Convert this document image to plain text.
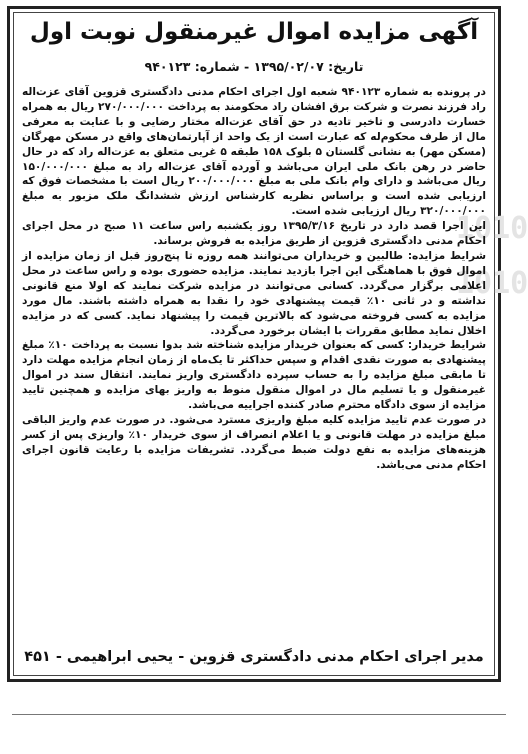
1010
1010
آگهی مزایده اموال غیرمنقول نوبت اول
تاریخ: ۱۳۹۵/۰۲/۰۷ - شماره: ۹۴۰۱۲۳

در پرونده به شماره ۹۴۰۱۲۳ شعبه اول اجرای احکام مدنی دادگستری قزوین آقای عزت‌اله راد فرزند نصرت و شرکت برق افشان راد محکومند به پرداخت ۲۷۰/۰۰۰/۰۰۰ ریال به همراه خسارت دادرسی و تاخیر تادیه در حق آقای عزت‌اله مختار رضایی و با عنایت به معرفی مال از طرف محکوم‌له که عبارت است از یک واحد از آپارتمان‌های واقع در مسکن مهرگان (مسکن مهر) به نشانی گلستان ۵ بلوک ۱۵۸ طبقه ۵ غربی متعلق به عزت‌اله راد که در حال حاضر در رهن بانک ملی ایران می‌باشد و آورده آقای عزت‌اله راد به مبلغ ۱۵۰/۰۰۰/۰۰۰ ریال می‌باشد و دارای وام بانک ملی به مبلغ ۲۰۰/۰۰۰/۰۰۰ ریال است با مشخصات فوق که ارزیابی شده است و براساس نظریه کارشناس ارزش ششدانگ ملک مزبور به مبلغ ۳۲۰/۰۰۰/۰۰۰ ریال ارزیابی شده است.

این اجرا قصد دارد در تاریخ ۱۳۹۵/۳/۱۶ روز یکشنبه راس ساعت ۱۱ صبح در محل اجرای احکام مدنی دادگستری قزوین از طریق مزایده به فروش برساند.

شرایط مزایده: طالبین و خریداران می‌توانند همه روزه تا پنج‌روز قبل از زمان مزایده از اموال فوق با هماهنگی این اجرا بازدید نمایند. مزایده حضوری بوده و راس ساعت در محل اعلامی برگزار می‌گردد. کسانی می‌توانند در مزایده شرکت نمایند که اولا منع قانونی نداشته و در ثانی ۱۰٪ قیمت پیشنهادی خود را نقدا به همراه داشته باشند. مال مورد مزایده به کسی فروخته می‌شود که بالاترین قیمت را پیشنهاد نماید. کسی که در مزایده اخلال نماید مطابق مقررات با ایشان برخورد می‌گردد.

شرایط خریدار: کسی که بعنوان خریدار مزایده شناخته شد بدوا نسبت به پرداخت ۱۰٪ مبلغ پیشنهادی به صورت نقدی اقدام و سپس حداکثر تا یک‌ماه از زمان انجام مزایده مهلت دارد تا مابقی مبلغ مزایده را به حساب سپرده دادگستری واریز نمایند. انتقال سند در اموال غیرمنقول و یا تسلیم مال در اموال منقول منوط به واریز بهای مزایده و همچنین تایید مزایده از سوی دادگاه محترم صادر کننده اجراییه می‌باشد.

در صورت عدم تایید مزایده کلیه مبلغ واریزی مسترد می‌شود. در صورت عدم واریز الباقی مبلغ مزایده در مهلت قانونی و یا اعلام انصراف از سوی خریدار ۱۰٪ واریزی پس از کسر هزینه‌های مزایده به نفع دولت ضبط می‌گردد. تشریفات مزایده با رعایت قانون اجرای احکام مدنی می‌باشد.

مدیر اجرای احکام مدنی دادگستری قزوین - یحیی ابراهیمی - ۴۵۱
